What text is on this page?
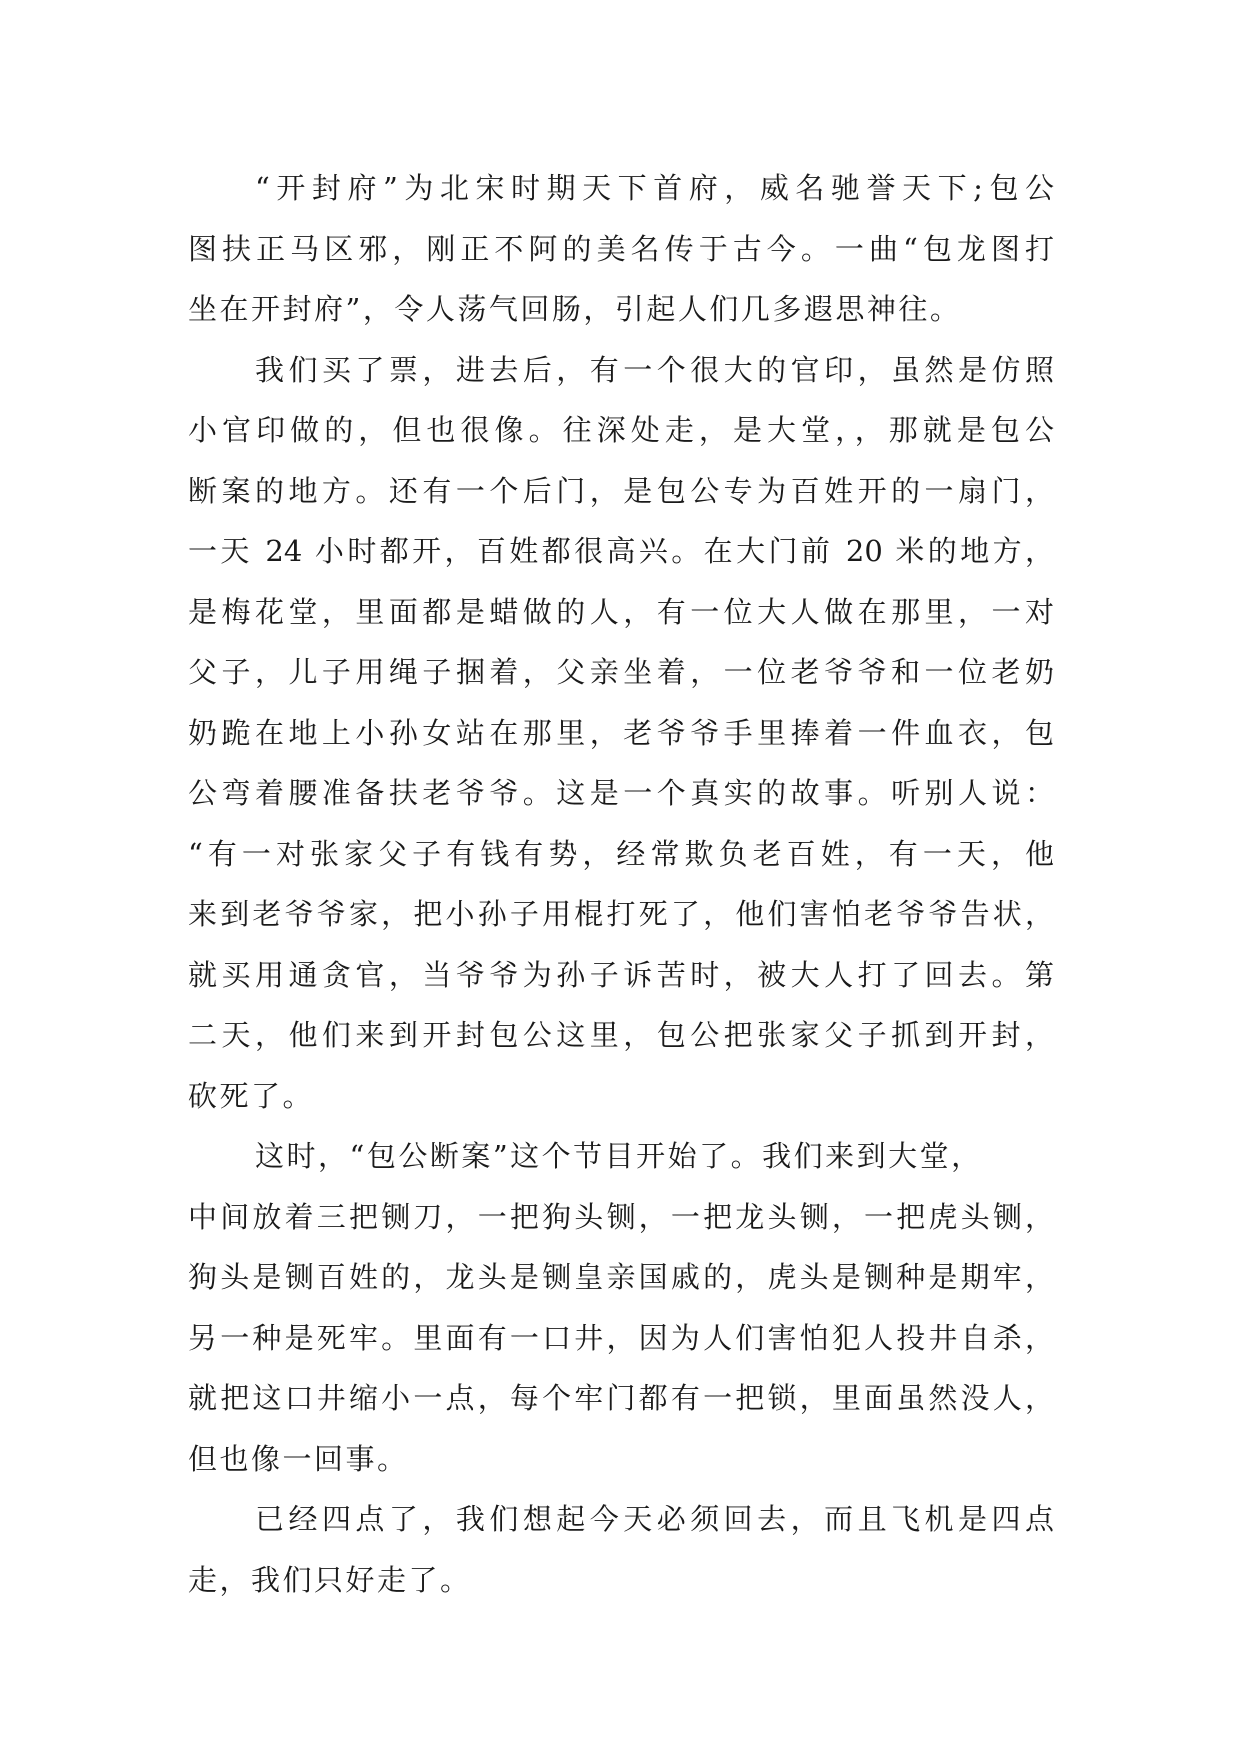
“开封府”为北宋时期天下首府，威名驰誉天下;包公
图扶正马区邪，刚正不阿的美名传于古今。一曲“包龙图打
坐在开封府”，令人荡气回肠，引起人们几多遐思神往。
我们买了票，进去后，有一个很大的官印，虽然是仿照
小官印做的，但也很像。往深处走，是大堂，，那就是包公
断案的地方。还有一个后门，是包公专为百姓开的一扇门，
一天 24 小时都开，百姓都很高兴。在大门前 20 米的地方，
是梅花堂，里面都是蜡做的人，有一位大人做在那里，一对
父子，儿子用绳子捆着，父亲坐着，一位老爷爷和一位老奶
奶跪在地上小孙女站在那里，老爷爷手里捧着一件血衣，包
公弯着腰准备扶老爷爷。这是一个真实的故事。听别人说：
“有一对张家父子有钱有势，经常欺负老百姓，有一天，他
来到老爷爷家，把小孙子用棍打死了，他们害怕老爷爷告状，
就买用通贪官，当爷爷为孙子诉苦时，被大人打了回去。第
二天，他们来到开封包公这里，包公把张家父子抓到开封，
砍死了。
这时，“包公断案”这个节目开始了。我们来到大堂，
中间放着三把铡刀，一把狗头铡，一把龙头铡，一把虎头铡，
狗头是铡百姓的，龙头是铡皇亲国戚的，虎头是铡种是期牢，
另一种是死牢。里面有一口井，因为人们害怕犯人投井自杀，
就把这口井缩小一点，每个牢门都有一把锁，里面虽然没人，
但也像一回事。
已经四点了，我们想起今天必须回去，而且飞机是四点
走，我们只好走了。
